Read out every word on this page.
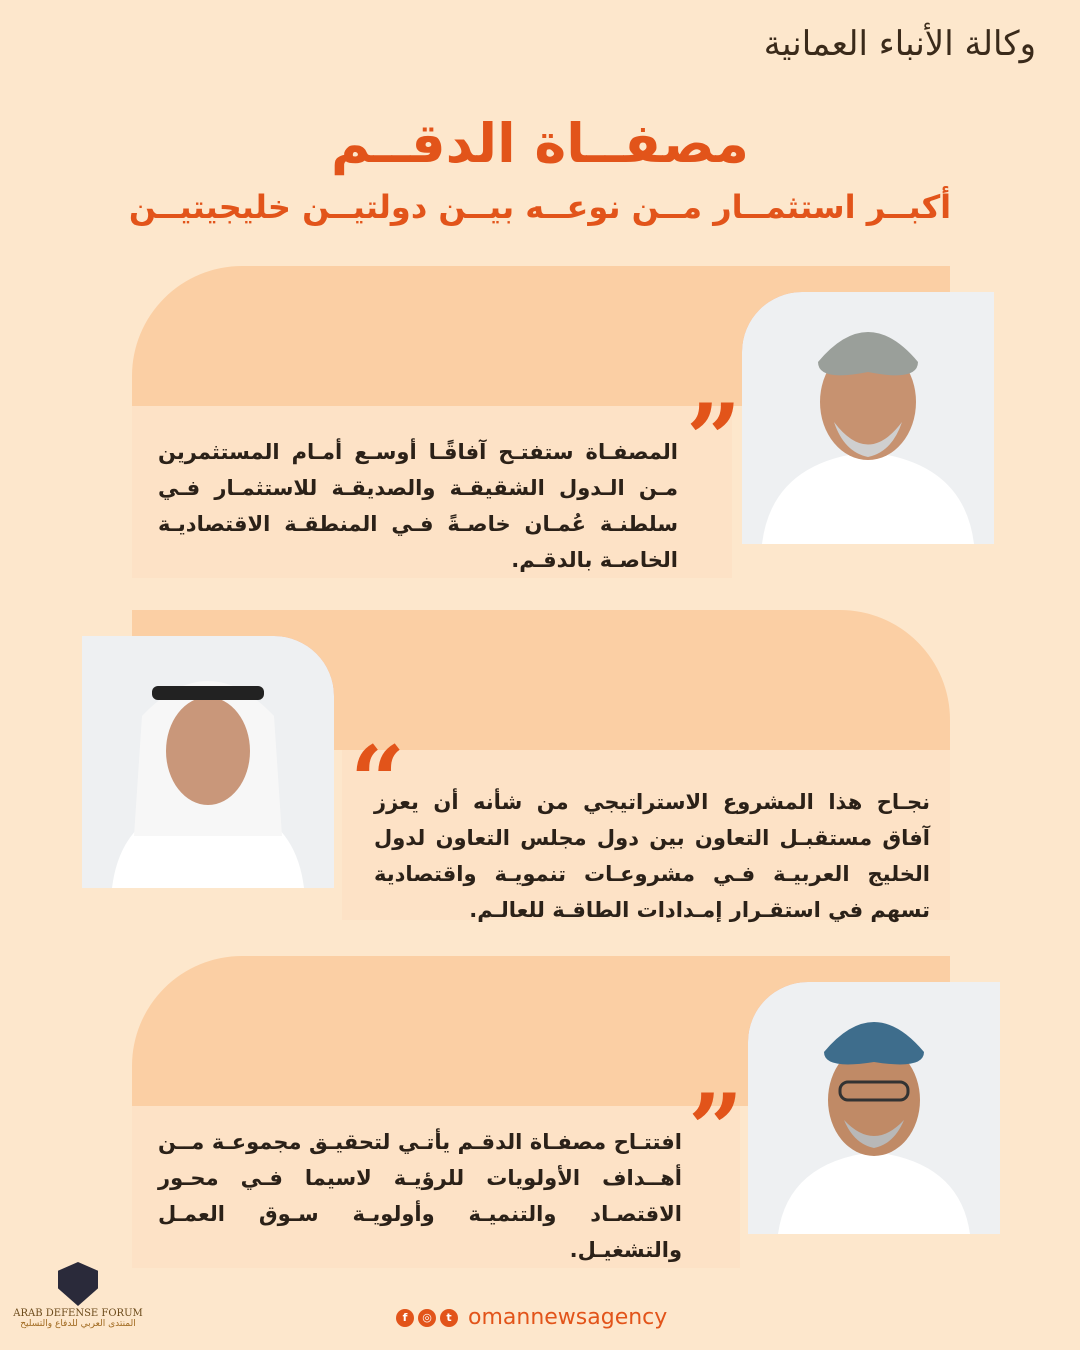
وكالة الأنباء العمانية
مصفــاة الدقــم
أكبــر استثمــار مــن نوعــه بيــن دولتيــن خليجيتيــن
”
المصفـاة ستفتـح آفاقًـا أوسـع أمـام المستثمرين مـن الـدول الشقيقـة والصديقـة للاستثمـار فـي سلطنـة عُمـان خاصـةً فـي المنطقـة الاقتصاديـة الخاصـة بالدقـم.
“
نجـاح هذا المشروع الاستراتيجي من شأنه أن يعزز آفاق مستقبـل التعاون بين دول مجلس التعاون لدول الخليج العربيـة فـي مشروعـات تنمويـة واقتصادية تسهم في استقـرار إمـدادات الطاقـة للعالـم.
”
افتتـاح مصفـاة الدقـم يأتـي لتحقيـق مجموعـة مــن أهــداف الأولويات للرؤيـة لاسيما فـي محـور الاقتصـاد والتنميـة وأولويـة سـوق العمـل والتشغيـل.
f	◎	t omannewsagency
ARAB DEFENSE FORUM
المنتدى العربي للدفاع والتسليح
